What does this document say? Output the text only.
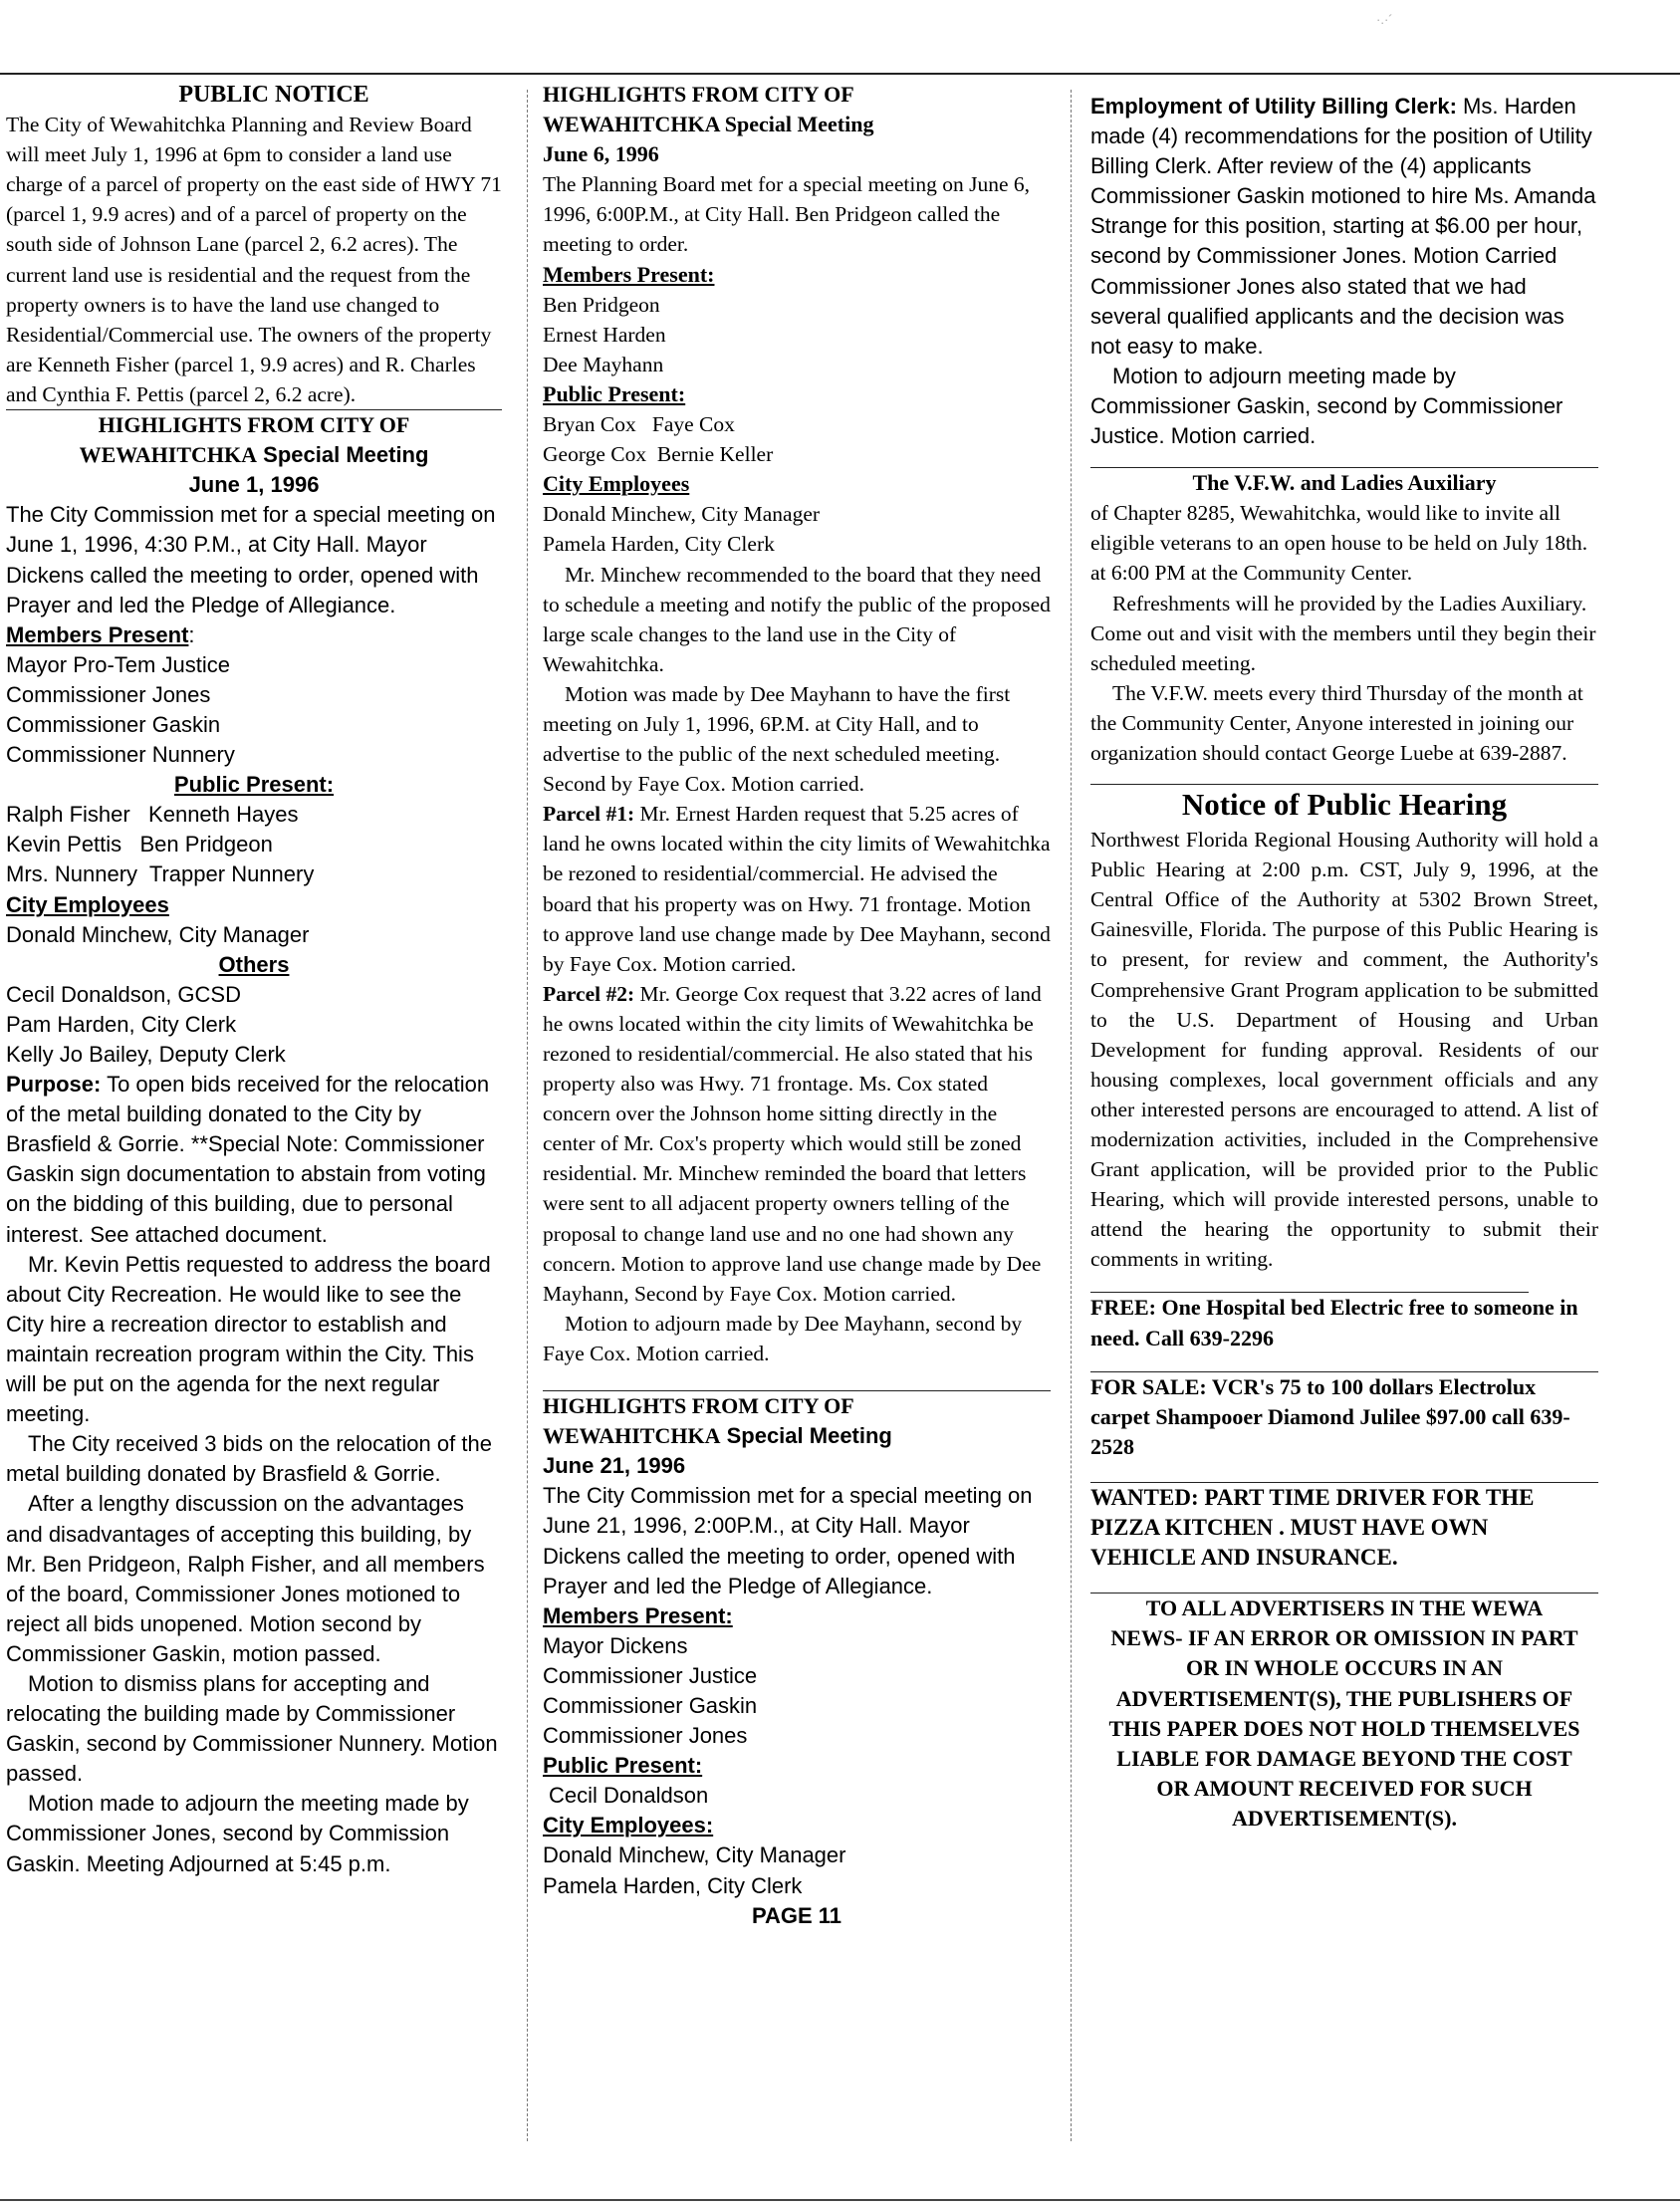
·.·´
PUBLIC NOTICE

The City of Wewahitchka Planning and Review Board will meet July 1, 1996 at 6pm to consider a land use charge of a parcel of property on the east side of HWY 71 (parcel 1, 9.9 acres) and of a parcel of property on the south side of Johnson Lane (parcel 2, 6.2 acres). The current land use is residential and the request from the property owners is to have the land use changed to Residential/Commercial use. The owners of the property are Kenneth Fisher (parcel 1, 9.9 acres) and R. Charles and Cynthia F. Pettis (parcel 2, 6.2 acre).

HIGHLIGHTS FROM CITY OF
WEWAHITCHKA Special Meeting
June 1, 1996

The City Commission met for a special meeting on June 1, 1996, 4:30 P.M., at City Hall. Mayor Dickens called the meeting to order, opened with Prayer and led the Pledge of Allegiance.

Members Present:
Mayor Pro-Tem Justice
Commissioner Jones
Commissioner Gaskin
Commissioner Nunnery
Public Present:
Ralph Fisher   Kenneth Hayes
Kevin Pettis   Ben Pridgeon
Mrs. Nunnery  Trapper Nunnery
City Employees
Donald Minchew, City Manager
Others
Cecil Donaldson, GCSD
Pam Harden, City Clerk
Kelly Jo Bailey, Deputy Clerk

Purpose: To open bids received for the relocation of the metal building donated to the City by Brasfield & Gorrie. **Special Note: Commissioner Gaskin sign documentation to abstain from voting on the bidding of this building, due to personal interest. See attached document.

Mr. Kevin Pettis requested to address the board about City Recreation. He would like to see the City hire a recreation director to establish and maintain recreation program within the City. This will be put on the agenda for the next regular meeting.

The City received 3 bids on the relocation of the metal building donated by Brasfield & Gorrie.

After a lengthy discussion on the advantages and disadvantages of accepting this building, by Mr. Ben Pridgeon, Ralph Fisher, and all members of the board, Commissioner Jones motioned to reject all bids unopened. Motion second by Commissioner Gaskin, motion passed.

Motion to dismiss plans for accepting and relocating the building made by Commissioner Gaskin, second by Commissioner Nunnery. Motion passed.

Motion made to adjourn the meeting made by Commissioner Jones, second by Commission Gaskin. Meeting Adjourned at 5:45 p.m.

HIGHLIGHTS FROM CITY OF
WEWAHITCHKA Special Meeting
June 6, 1996

The Planning Board met for a special meeting on June 6, 1996, 6:00P.M., at City Hall. Ben Pridgeon called the meeting to order.

Members Present:
Ben Pridgeon
Ernest Harden
Dee Mayhann
Public Present:
Bryan Cox   Faye Cox
George Cox  Bernie Keller
City Employees
Donald Minchew, City Manager
Pamela Harden, City Clerk

Mr. Minchew recommended to the board that they need to schedule a meeting and notify the public of the proposed large scale changes to the land use in the City of Wewahitchka.

Motion was made by Dee Mayhann to have the first meeting on July 1, 1996, 6P.M. at City Hall, and to advertise to the public of the next scheduled meeting. Second by Faye Cox. Motion carried.

Parcel #1: Mr. Ernest Harden request that 5.25 acres of land he owns located within the city limits of Wewahitchka be rezoned to residential/commercial. He advised the board that his property was on Hwy. 71 frontage. Motion to approve land use change made by Dee Mayhann, second by Faye Cox. Motion carried.

Parcel #2: Mr. George Cox request that 3.22 acres of land he owns located within the city limits of Wewahitchka be rezoned to residential/commercial. He also stated that his property also was Hwy. 71 frontage. Ms. Cox stated concern over the Johnson home sitting directly in the center of Mr. Cox's property which would still be zoned residential. Mr. Minchew reminded the board that letters were sent to all adjacent property owners telling of the proposal to change land use and no one had shown any concern. Motion to approve land use change made by Dee Mayhann, Second by Faye Cox. Motion carried.

Motion to adjourn made by Dee Mayhann, second by Faye Cox. Motion carried.

HIGHLIGHTS FROM CITY OF
WEWAHITCHKA Special Meeting
June 21, 1996

The City Commission met for a special meeting on June 21, 1996, 2:00P.M., at City Hall. Mayor Dickens called the meeting to order, opened with Prayer and led the Pledge of Allegiance.

Members Present:
Mayor Dickens
Commissioner Justice
Commissioner Gaskin
Commissioner Jones
Public Present:
Cecil Donaldson
City Employees:
Donald Minchew, City Manager
Pamela Harden, City Clerk
PAGE 11

Employment of Utility Billing Clerk: Ms. Harden made (4) recommendations for the position of Utility Billing Clerk. After review of the (4) applicants Commissioner Gaskin motioned to hire Ms. Amanda Strange for this position, starting at $6.00 per hour, second by Commissioner Jones. Motion Carried Commissioner Jones also stated that we had several qualified applicants and the decision was not easy to make.

Motion to adjourn meeting made by Commissioner Gaskin, second by Commissioner Justice. Motion carried.

The V.F.W. and Ladies Auxiliary

of Chapter 8285, Wewahitchka, would like to invite all eligible veterans to an open house to be held on July 18th. at 6:00 PM at the Community Center.

Refreshments will he provided by the Ladies Auxiliary. Come out and visit with the members until they begin their scheduled meeting.

The V.F.W. meets every third Thursday of the month at the Community Center, Anyone interested in joining our organization should contact George Luebe at 639-2887.

Notice of Public Hearing

Northwest Florida Regional Housing Authority will hold a Public Hearing at 2:00 p.m. CST, July 9, 1996, at the Central Office of the Authority at 5302 Brown Street, Gainesville, Florida. The purpose of this Public Hearing is to present, for review and comment, the Authority's Comprehensive Grant Program application to be submitted to the U.S. Department of Housing and Urban Development for funding approval. Residents of our housing complexes, local government officials and any other interested persons are encouraged to attend. A list of modernization activities, included in the Comprehensive Grant application, will be provided prior to the Public Hearing, which will provide interested persons, unable to attend the hearing the opportunity to submit their comments in writing.

FREE: One Hospital bed Electric free to someone in need. Call 639-2296

FOR SALE: VCR's 75 to 100 dollars Electrolux carpet Shampooer Diamond Julilee $97.00 call 639-2528

WANTED: PART TIME DRIVER FOR THE PIZZA KITCHEN . MUST HAVE OWN VEHICLE AND INSURANCE.

TO ALL ADVERTISERS IN THE WEWA NEWS- IF AN ERROR OR OMISSION IN PART OR IN WHOLE OCCURS IN AN ADVERTISEMENT(S), THE PUBLISHERS OF THIS PAPER DOES NOT HOLD THEMSELVES LIABLE FOR DAMAGE BEYOND THE COST OR AMOUNT RECEIVED FOR SUCH ADVERTISEMENT(S).
